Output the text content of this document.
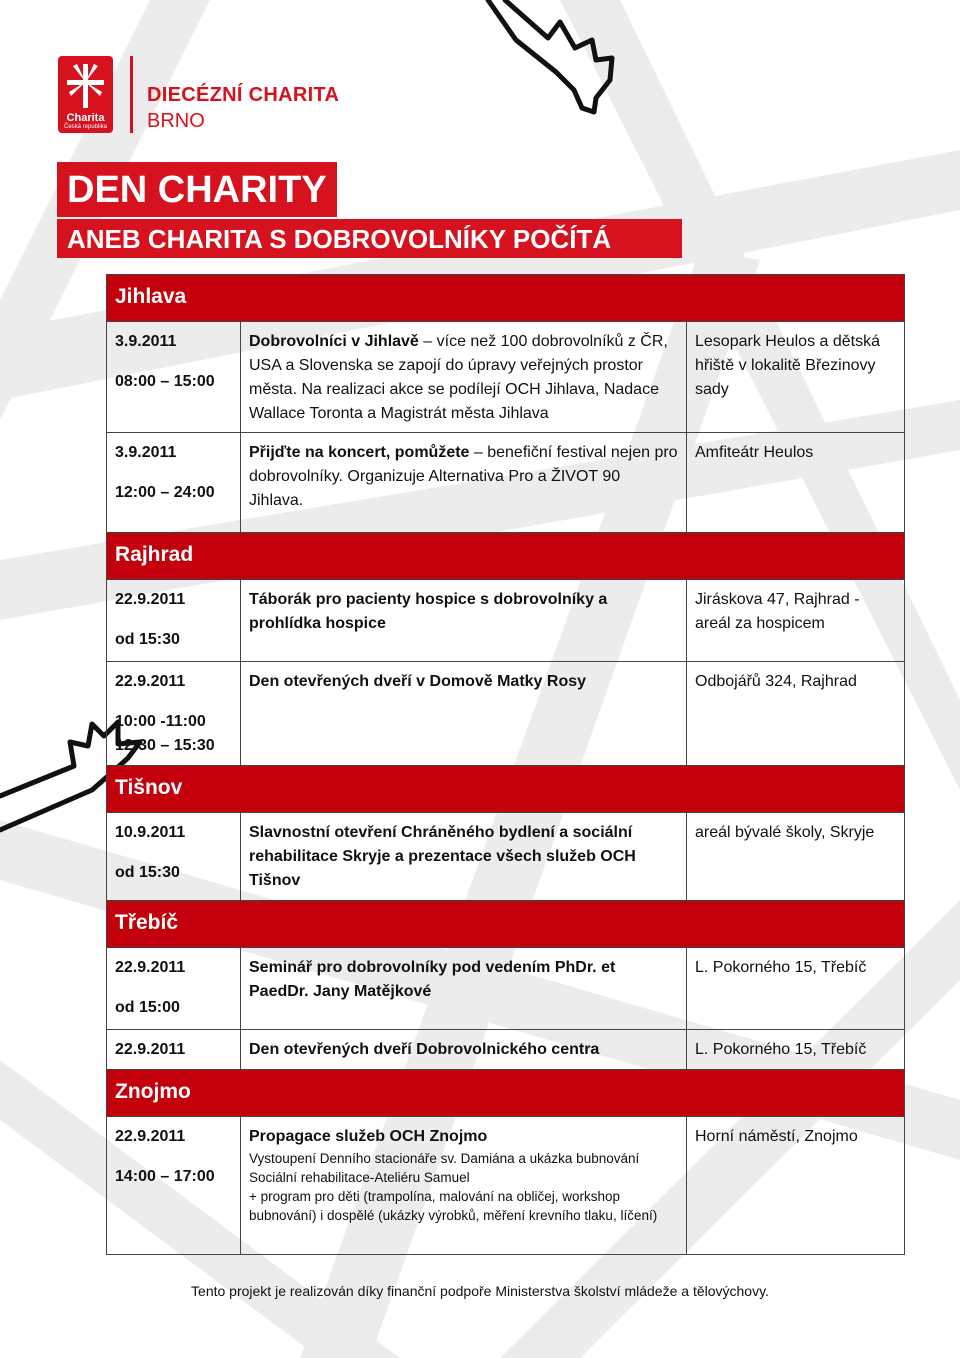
Charita
Česká republika
DIECÉZNÍ CHARITA
BRNO
DEN CHARITY
ANEB CHARITA S DOBROVOLNÍKY POČÍTÁ
Jihlava		

3.9.2011
08:00 – 15:00	Dobrovolníci v Jihlavě – více než 100 dobrovolníků z ČR, USA a Slovenska se zapojí do úpravy veřejných prostor města. Na realizaci akce se podílejí OCH Jihlava, Nadace Wallace Toronta a Magistrát města Jihlava	Lesopark Heulos a dětská hřiště v lokalitě Březinovy sady

3.9.2011
12:00 – 24:00	Přijďte na koncert, pomůžete – benefiční festival nejen pro dobrovolníky. Organizuje Alternativa Pro a ŽIVOT 90 Jihlava.	Amfiteátr Heulos
Rajhrad		

22.9.2011
od 15:30	Táborák pro pacienty hospice s dobrovolníky a prohlídka hospice	Jiráskova 47, Rajhrad - areál za hospicem

22.9.2011
10:00 -11:00
12:30 – 15:30	Den otevřených dveří v Domově Matky Rosy	Odbojářů 324, Rajhrad
Tišnov		

10.9.2011
od 15:30	Slavnostní otevření Chráněného bydlení a sociální rehabilitace Skryje a prezentace všech služeb OCH Tišnov	areál bývalé školy, Skryje
Třebíč		

22.9.2011
od 15:00	Seminář pro dobrovolníky pod vedením PhDr. et PaedDr. Jany Matějkové	L. Pokorného 15, Třebíč

22.9.2011	Den otevřených dveří Dobrovolnického centra	L. Pokorného 15, Třebíč
Znojmo		

22.9.2011
14:00 – 17:00	Propagace služeb OCH Znojmo
Vystoupení Denního stacionáře sv. Damiána a ukázka bubnování Sociální rehabilitace-Ateliéru Samuel
+ program pro děti (trampolína, malování na obličej, workshop bubnování) i dospělé (ukázky výrobků, měření krevního tlaku, líčení)	Horní náměstí, Znojmo
Tento projekt je realizován díky finanční podpoře Ministerstva školství mládeže a tělovýchovy.
